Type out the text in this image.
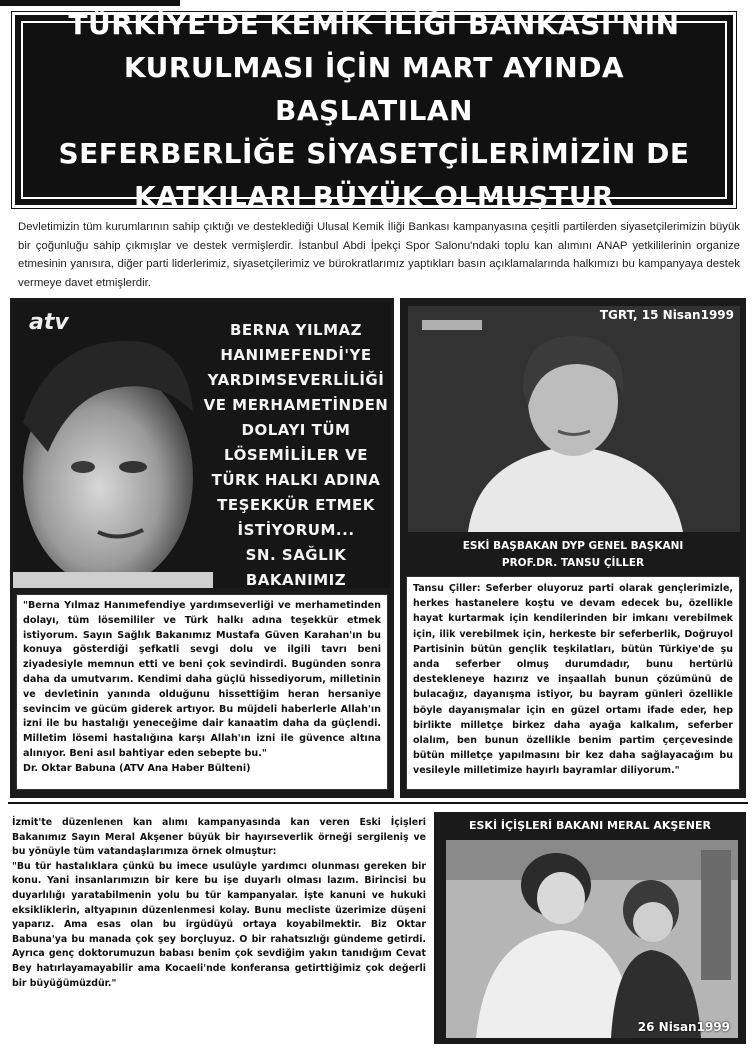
TÜRKİYE'DE KEMİK İLİĞİ BANKASI'NIN
KURULMASI İÇİN MART AYINDA BAŞLATILAN
SEFERBERLİĞE SİYASETÇİLERİMİZİN DE
KATKILARI BÜYÜK OLMUŞTUR

Devletimizin tüm kurumlarının sahip çıktığı ve desteklediği Ulusal Kemik İliği Bankası kampanyasına çeşitli partilerden siyasetçilerimizin büyük bir çoğunluğu sahip çıkmışlar ve destek vermişlerdir. İstanbul Abdi İpekçi Spor Salonu'ndaki toplu kan alımını ANAP yetkililerinin organize etmesinin yanısıra, diğer parti liderlerimiz, siyasetçilerimiz ve bürokratlarımız yaptıkları basın açıklamalarında halkımızı bu kampanyaya destek vermeye davet etmişlerdir.
atv	BERNA YILMAZ
HANIMEFENDİ'YE
YARDIMSEVERLİLİĞİ
VE MERHAMETİNDEN
DOLAYI TÜM
LÖSEMİLİLER VE
TÜRK HALKI ADINA
TEŞEKKÜR ETMEK
İSTİYORUM...
SN. SAĞLIK BAKANIMIZ
"Berna Yılmaz Hanımefendiye yardımseverliği ve merhametinden dolayı, tüm lösemililer ve Türk halkı adına teşekkür etmek istiyorum. Sayın Sağlık Bakanımız Mustafa Güven Karahan'ın bu konuya gösterdiği şefkatli sevgi dolu ve ilgili tavrı beni ziyadesiyle memnun etti ve beni çok sevindirdi. Bugünden sonra daha da umutvarım. Kendimi daha güçlü hissediyorum, milletinin ve devletinin yanında olduğunu hissettiğim heran hersaniye sevincim ve gücüm giderek artıyor. Bu müjdeli haberlerle Allah'ın izni ile bu hastalığı yeneceğime dair kanaatim daha da güçlendi. Milletim lösemi hastalığına karşı Allah'ın izni ile güvence altına alınıyor. Beni asıl bahtiyar eden sebepte bu."
Dr. Oktar Babuna (ATV Ana Haber Bülteni)
TGRT, 15 Nisan1999
ESKİ BAŞBAKAN DYP GENEL BAŞKANI
PROF.DR. TANSU ÇİLLER
Tansu Çiller: Seferber oluyoruz parti olarak gençlerimizle, herkes hastanelere koştu ve devam edecek bu, özellikle hayat kurtarmak için kendilerinden bir imkanı verebilmek için, ilik verebilmek için, herkeste bir seferberlik, Doğruyol Partisinin bütün gençlik teşkilatları, bütün Türkiye'de şu anda seferber olmuş durumdadır, bunu hertürlü destekleneye hazırız ve inşaallah bunun çözümünü de bulacağız, dayanışma istiyor, bu bayram günleri özellikle böyle dayanışmalar için en güzel ortamı ifade eder, hep birlikte milletçe birkez daha ayağa kalkalım, seferber olalım, ben bunun özellikle benim partim çerçevesinde bütün milletçe yapılmasını bir kez daha sağlayacağım bu vesileyle milletimize hayırlı bayramlar diliyorum."
ESKİ İÇİŞLERİ BAKANI MERAL AKŞENER
26 Nisan1999
İzmit'te düzenlenen kan alımı kampanyasında kan veren Eski İçişleri Bakanımız Sayın Meral Akşener büyük bir hayırseverlik örneği sergileniş ve bu yönüyle tüm vatandaşlarımıza örnek olmuştur:
"Bu tür hastalıklara çünkü bu imece usulüyle yardımcı olunması gereken bir konu. Yani insanlarımızın bir kere bu işe duyarlı olması lazım. Birincisi bu duyarlılığı yaratabilmenin yolu bu tür kampanyalar. İşte kanuni ve hukuki eksikliklerin, altyapının düzenlenmesi kolay. Bunu mecliste üzerimize düşeni yaparız. Ama esas olan bu irgüdüyü ortaya koyabilmektir. Biz Oktar Babuna'ya bu manada çok şey borçluyuz. O bir rahatsızlığı gündeme getirdi. Ayrıca genç doktorumuzun babası benim çok sevdiğim yakın tanıdığım Cevat Bey hatırlayamayabilir ama Kocaeli'nde konferansa getirttiğimiz çok değerli bir büyüğümüzdür."
